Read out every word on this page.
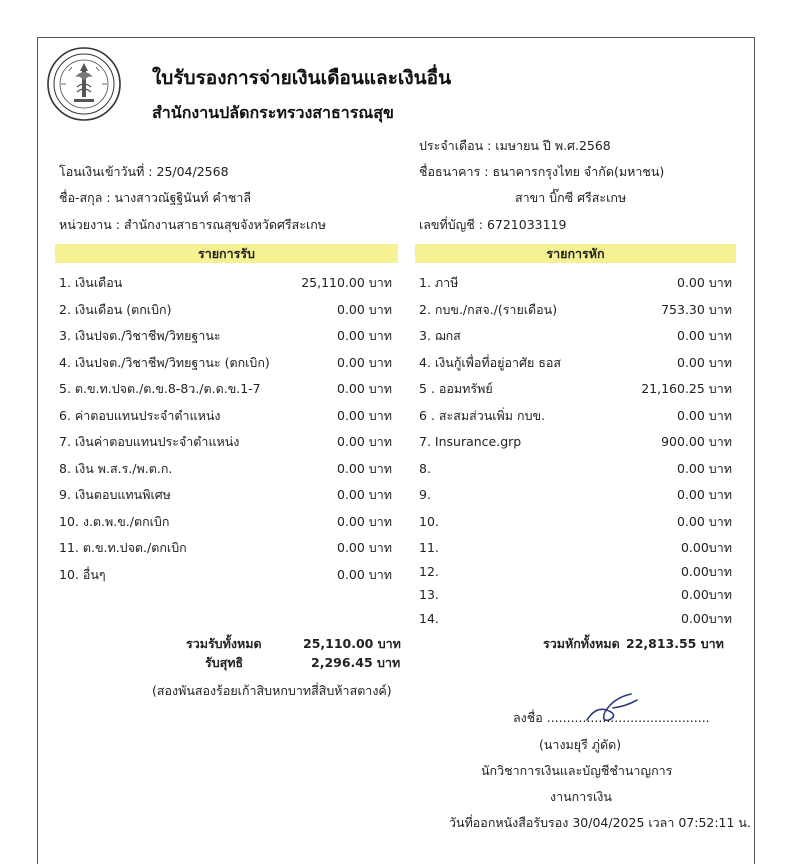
ใบรับรองการจ่ายเงินเดือนและเงินอื่น
สำนักงานปลัดกระทรวงสาธารณสุข
ประจำเดือน : เมษายน ปี พ.ศ.2568
โอนเงินเข้าวันที่ : 25/04/2568	ชื่อธนาคาร : ธนาคารกรุงไทย จำกัด(มหาชน)
ชื่อ-สกุล : นางสาวณัฐฐินันท์ คำชาลี	สาขา บิ๊กซี ศรีสะเกษ
หน่วยงาน : สำนักงานสาธารณสุขจังหวัดศรีสะเกษ	เลขที่บัญชี : 6721033119
รายการรับ
1. เงินเดือน	25,110.00 บาท
2. เงินเดือน (ตกเบิก)	0.00 บาท
3. เงินปจต./วิชาชีพ/วิทยฐานะ	0.00 บาท
4. เงินปจต./วิชาชีพ/วิทยฐานะ (ตกเบิก)	0.00 บาท
5. ต.ข.ท.ปจต./ต.ข.8-8ว./ต.ด.ข.1-7	0.00 บาท
6. ค่าตอบแทนประจำตำแหน่ง	0.00 บาท
7. เงินค่าตอบแทนประจำตำแหน่ง	0.00 บาท
8. เงิน พ.ส.ร./พ.ต.ก.	0.00 บาท
9. เงินตอบแทนพิเศษ	0.00 บาท
10. ง.ต.พ.ข./ตกเบิก	0.00 บาท
11. ต.ข.ท.ปจต./ตกเบิก	0.00 บาท
10. อื่นๆ	0.00 บาท
รายการหัก
1. ภาษี	0.00 บาท
2. กบข./กสจ./(รายเดือน)	753.30 บาท
3. ฌกส	0.00 บาท
4. เงินกู้เพื่อที่อยู่อาศัย ธอส	0.00 บาท
5 . ออมทรัพย์	21,160.25 บาท
6 . สะสมส่วนเพิ่ม กบข.	0.00 บาท
7. Insurance.grp	900.00 บาท
8.	0.00 บาท
9.	0.00 บาท
10.	0.00 บาท
11.	0.00บาท
12.	0.00บาท
13.	0.00บาท
14.	0.00บาท
รวมรับทั้งหมด	25,110.00 บาท
รับสุทธิ	2,296.45 บาท
(สองพันสองร้อยเก้าสิบหกบาทสี่สิบห้าสตางค์)
รวมหักทั้งหมด 22,813.55 บาท
ลงชื่อ .........................................
(นางมยุรี ภู่ดัด)
นักวิชาการเงินและบัญชีชำนาญการ
งานการเงิน
วันที่ออกหนังสือรับรอง 30/04/2025 เวลา 07:52:11 น.
